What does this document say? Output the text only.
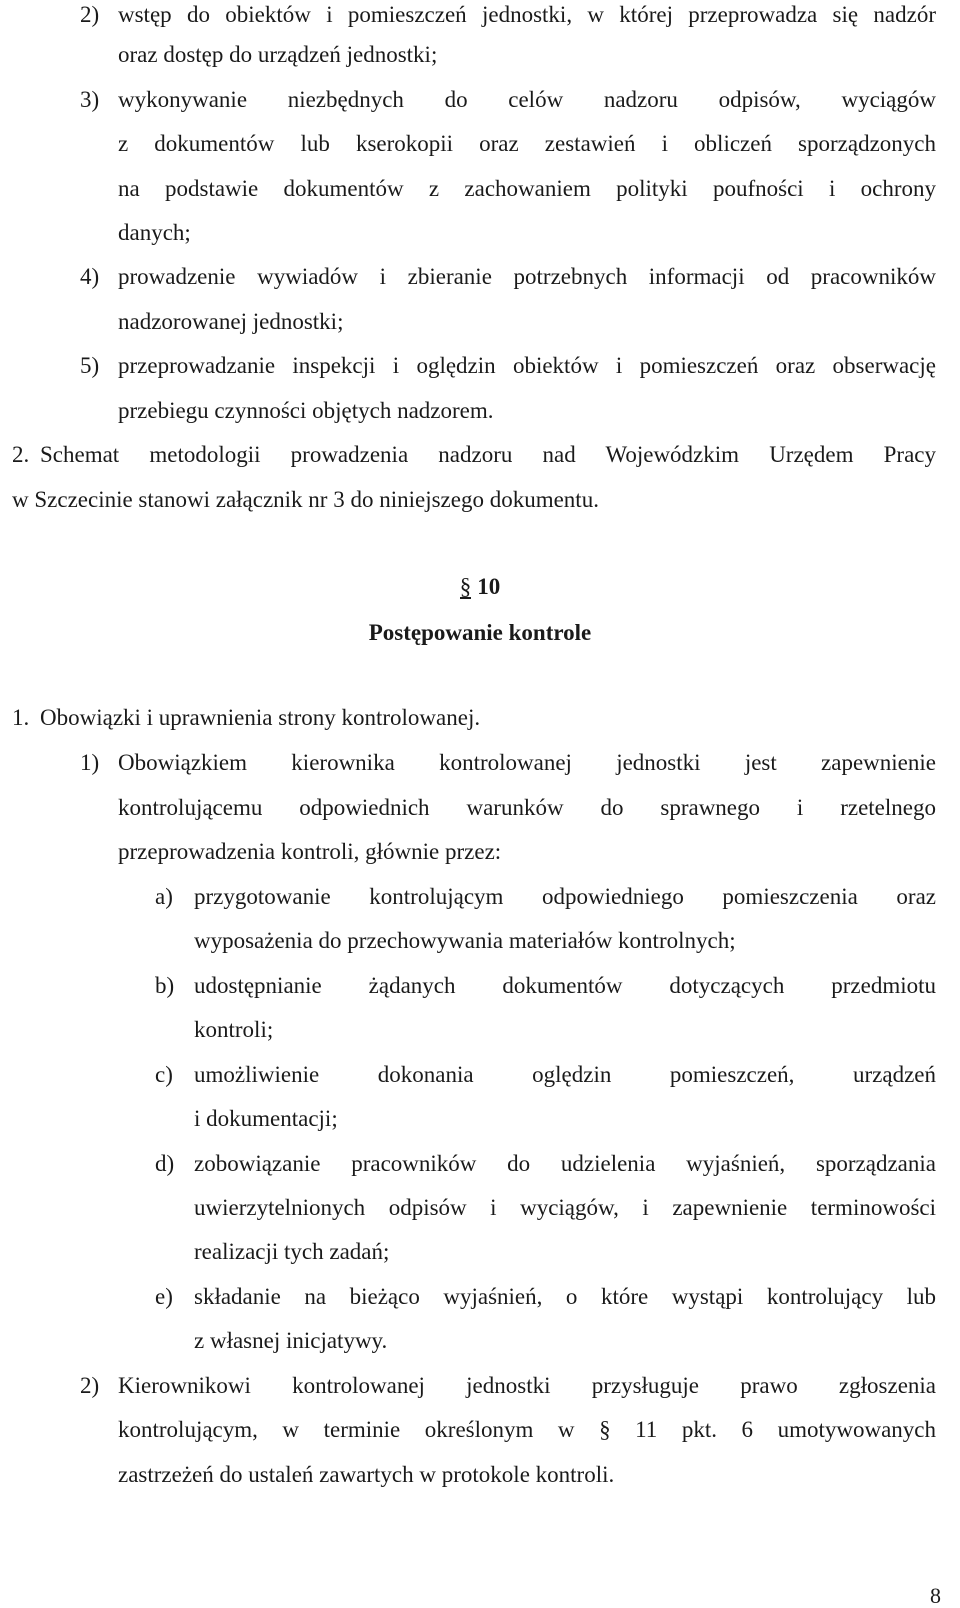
2) wstęp do obiektów i pomieszczeń jednostki, w której przeprowadza się nadzór
oraz dostęp do urządzeń jednostki;
3) wykonywanie niezbędnych do celów nadzoru odpisów, wyciągów
z dokumentów lub kserokopii oraz zestawień i obliczeń sporządzonych
na podstawie dokumentów z zachowaniem polityki poufności i ochrony
danych;
4) prowadzenie wywiadów i zbieranie potrzebnych informacji od pracowników
nadzorowanej jednostki;
5) przeprowadzanie inspekcji i oględzin obiektów i pomieszczeń oraz obserwację
przebiegu czynności objętych nadzorem.
2. Schemat metodologii prowadzenia nadzoru nad Wojewódzkim Urzędem Pracy
w Szczecinie stanowi załącznik nr 3 do niniejszego dokumentu.
§ 10
Postępowanie kontrole
1. Obowiązki i uprawnienia strony kontrolowanej.
1) Obowiązkiem kierownika kontrolowanej jednostki jest zapewnienie
kontrolującemu odpowiednich warunków do sprawnego i rzetelnego
przeprowadzenia kontroli, głównie przez:
a) przygotowanie kontrolującym odpowiedniego pomieszczenia oraz
wyposażenia do przechowywania materiałów kontrolnych;
b) udostępnianie żądanych dokumentów dotyczących przedmiotu
kontroli;
c) umożliwienie dokonania oględzin pomieszczeń, urządzeń
i dokumentacji;
d) zobowiązanie pracowników do udzielenia wyjaśnień, sporządzania
uwierzytelnionych odpisów i wyciągów, i zapewnienie terminowości
realizacji tych zadań;
e) składanie na bieżąco wyjaśnień, o które wystąpi kontrolujący lub
z własnej inicjatywy.
2) Kierownikowi kontrolowanej jednostki przysługuje prawo zgłoszenia
kontrolującym, w terminie określonym w § 11 pkt. 6 umotywowanych
zastrzeżeń do ustaleń zawartych w protokole kontroli.
8
